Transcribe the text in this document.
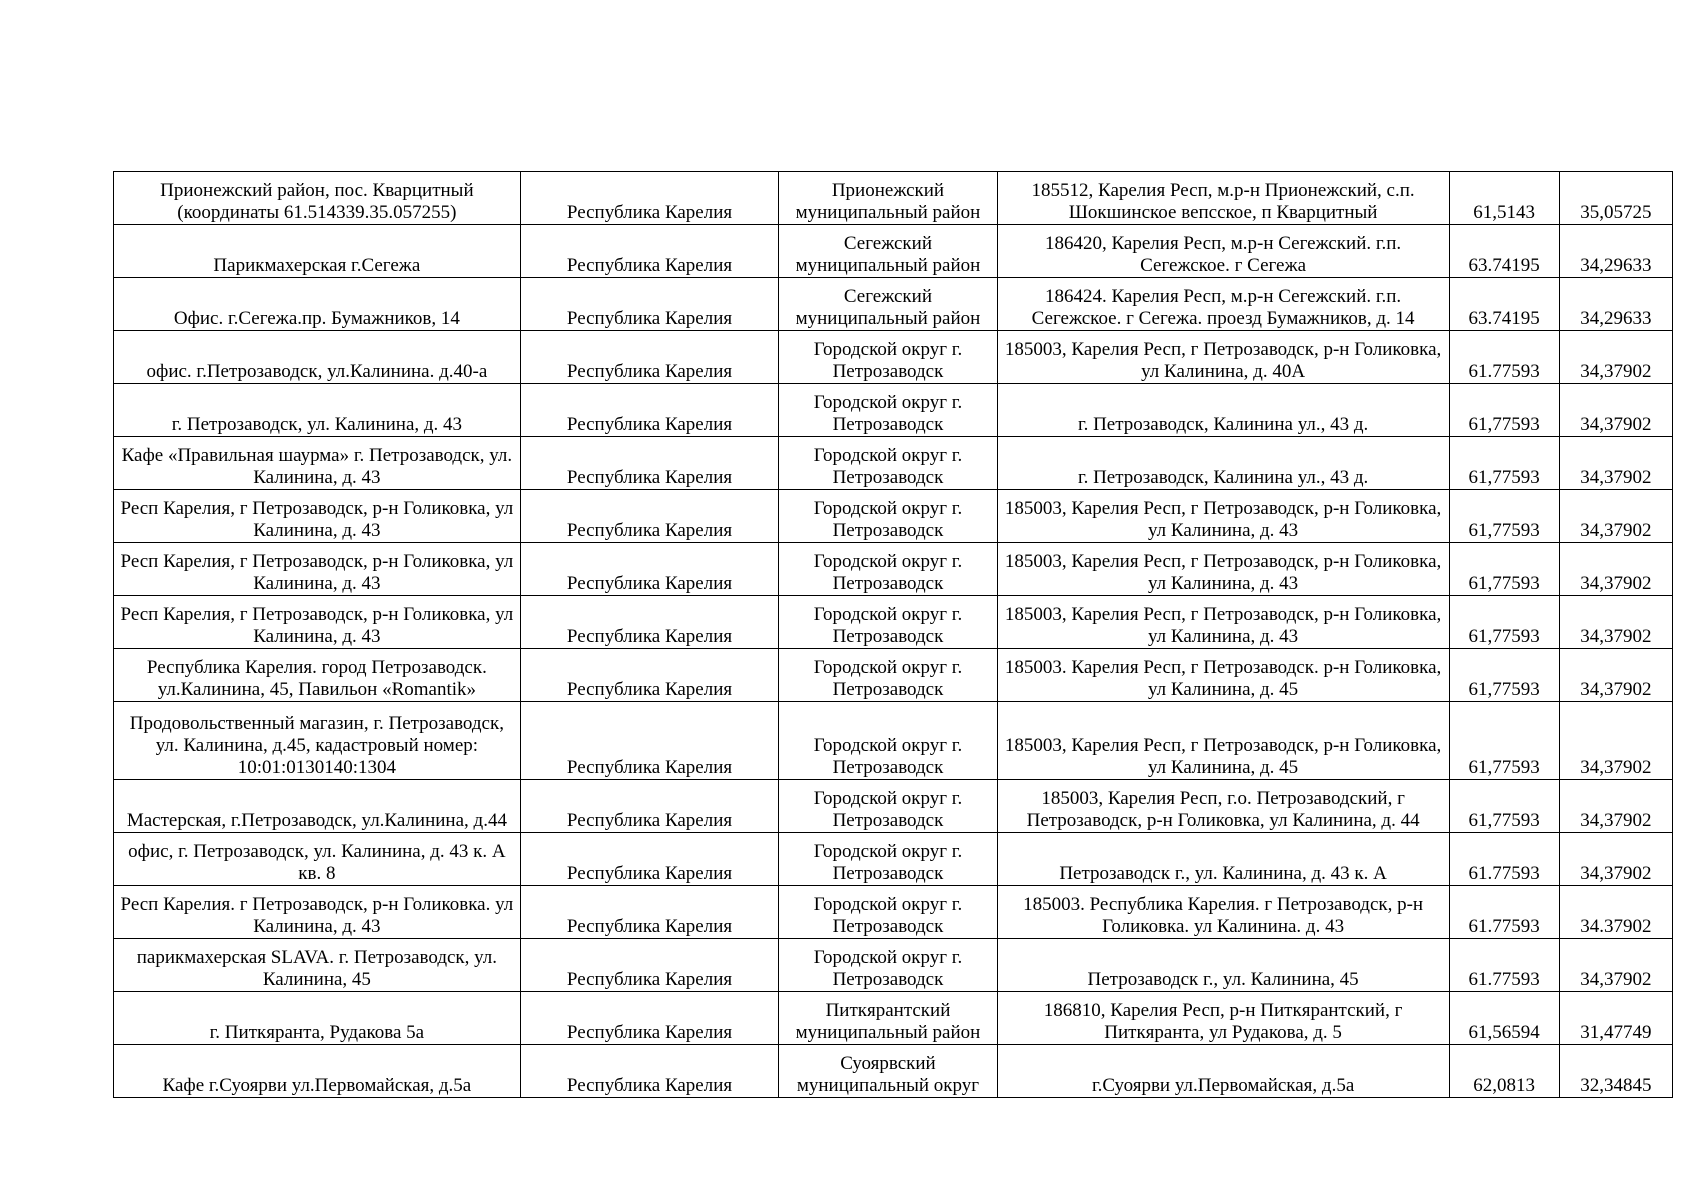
Прионежский район, пос. Кварцитный (координаты 61.514339.35.057255)	Республика Карелия	Прионежский муниципальный район	185512, Карелия Респ, м.р-н Прионежский, с.п. Шокшинское вепсское, п Кварцитный	61,5143	35,05725
Парикмахерская г.Сегежа	Республика Карелия	Сегежский муниципальный район	186420, Карелия Респ, м.р-н Сегежский. г.п. Сегежское. г Сегежа	63.74195	34,29633
Офис. г.Сегежа.пр. Бумажников, 14	Республика Карелия	Сегежский муниципальный район	186424. Карелия Респ, м.р-н Сегежский. г.п. Сегежское. г Сегежа. проезд Бумажников, д. 14	63.74195	34,29633
офис. г.Петрозаводск, ул.Калинина. д.40-а	Республика Карелия	Городской округ г. Петрозаводск	185003, Карелия Респ, г Петрозаводск, р-н Голиковка, ул Калинина, д. 40А	61.77593	34,37902
г. Петрозаводск, ул. Калинина, д. 43	Республика Карелия	Городской округ г. Петрозаводск	г. Петрозаводск, Калинина ул., 43 д.	61,77593	34,37902
Кафе «Правильная шаурма» г. Петрозаводск, ул. Калинина, д. 43	Республика Карелия	Городской округ г. Петрозаводск	г. Петрозаводск, Калинина ул., 43 д.	61,77593	34,37902
Респ Карелия, г Петрозаводск, р-н Голиковка, ул Калинина, д. 43	Республика Карелия	Городской округ г. Петрозаводск	185003, Карелия Респ, г Петрозаводск, р-н Голиковка, ул Калинина, д. 43	61,77593	34,37902
Респ Карелия, г Петрозаводск, р-н Голиковка, ул Калинина, д. 43	Республика Карелия	Городской округ г. Петрозаводск	185003, Карелия Респ, г Петрозаводск, р-н Голиковка, ул Калинина, д. 43	61,77593	34,37902
Респ Карелия, г Петрозаводск, р-н Голиковка, ул Калинина, д. 43	Республика Карелия	Городской округ г. Петрозаводск	185003, Карелия Респ, г Петрозаводск, р-н Голиковка, ул Калинина, д. 43	61,77593	34,37902
Республика Карелия. город Петрозаводск. ул.Калинина, 45, Павильон «Romantik»	Республика Карелия	Городской округ г. Петрозаводск	185003. Карелия Респ, г Петрозаводск. р-н Голиковка, ул Калинина, д. 45	61,77593	34,37902
Продовольственный магазин, г. Петрозаводск, ул. Калинина, д.45, кадастровый номер: 10:01:0130140:1304	Республика Карелия	Городской округ г. Петрозаводск	185003, Карелия Респ, г Петрозаводск, р-н Голиковка, ул Калинина, д. 45	61,77593	34,37902
Мастерская, г.Петрозаводск, ул.Калинина, д.44	Республика Карелия	Городской округ г. Петрозаводск	185003, Карелия Респ, г.о. Петрозаводский, г Петрозаводск, р-н Голиковка, ул Калинина, д. 44	61,77593	34,37902
офис, г. Петрозаводск, ул. Калинина, д. 43 к. А кв. 8	Республика Карелия	Городской округ г. Петрозаводск	Петрозаводск г., ул. Калинина, д. 43 к. А	61.77593	34,37902
Респ Карелия. г Петрозаводск, р-н Голиковка. ул Калинина, д. 43	Республика Карелия	Городской округ г. Петрозаводск	185003. Республика Карелия. г Петрозаводск, р-н Голиковка. ул Калинина. д. 43	61.77593	34.37902
парикмахерская SLAVA. г. Петрозаводск, ул. Калинина, 45	Республика Карелия	Городской округ г. Петрозаводск	Петрозаводск г., ул. Калинина, 45	61.77593	34,37902
г. Питкяранта, Рудакова 5а	Республика Карелия	Питкярантский муниципальный район	186810, Карелия Респ, р-н Питкярантский, г Питкяранта, ул Рудакова, д. 5	61,56594	31,47749
Кафе г.Суоярви ул.Первомайская, д.5а	Республика Карелия	Суоярвский муниципальный округ	г.Суоярви ул.Первомайская, д.5а	62,0813	32,34845
